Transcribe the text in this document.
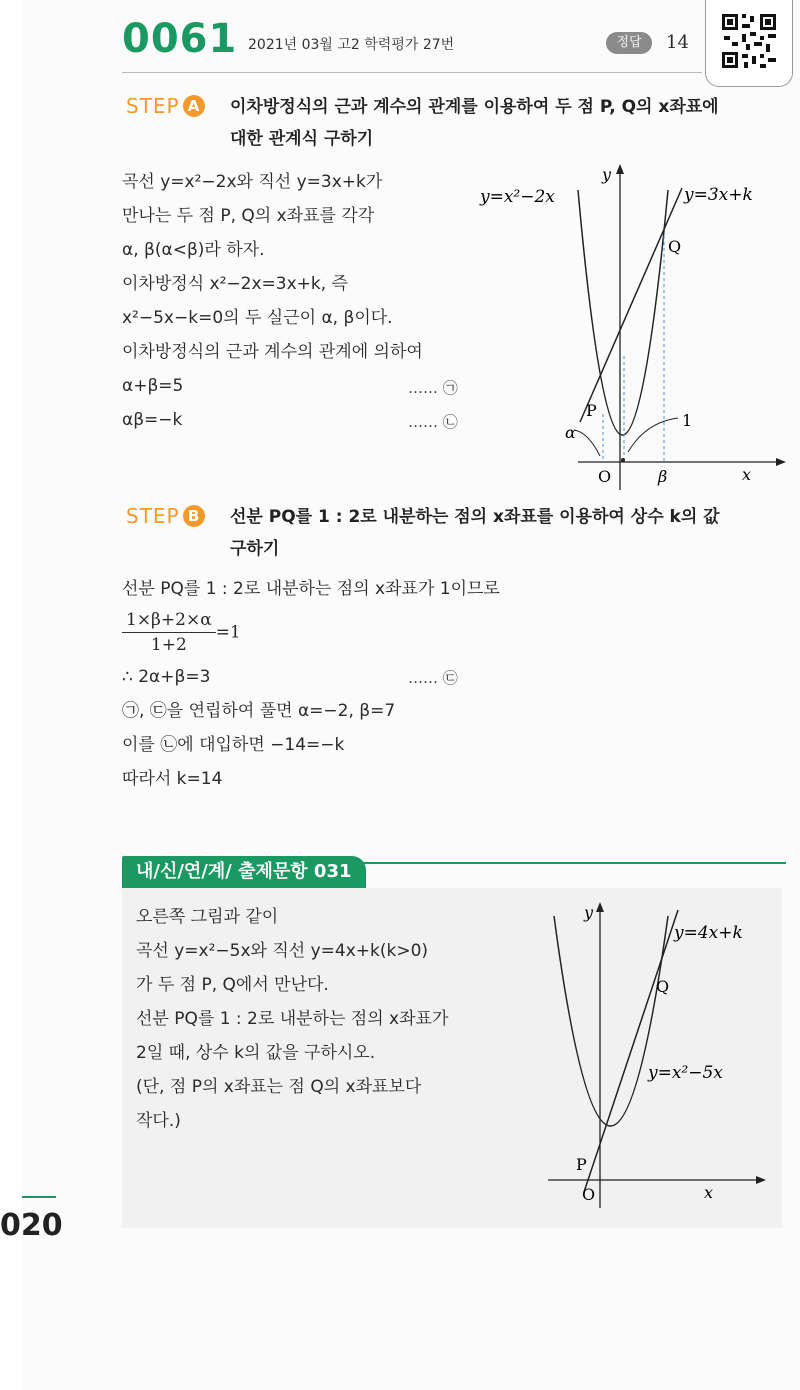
0061 2021년 03월 고2 학력평가 27번	정답	14
STEP A	이차방정식의 근과 계수의 관계를 이용하여 두 점 P, Q의 x좌표에
대한 관계식 구하기
곡선 y=x²−2x와 직선 y=3x+k가
만나는 두 점 P, Q의 x좌표를 각각
α, β(α<β)라 하자.
이차방정식 x²−2x=3x+k, 즉
x²−5x−k=0의 두 실근이 α, β이다.
이차방정식의 근과 계수의 관계에 의하여
α+β=5
αβ=−k
…… ㉠
…… ㉡
y=x²−2x	y=3x+k
y
x
O
P
Q
α
β
1
STEP B	선분 PQ를 1 : 2로 내분하는 점의 x좌표를 이용하여 상수 k의 값
구하기
선분 PQ를 1 : 2로 내분하는 점의 x좌표가 1이므로
$\frac{1\times\beta+2\times\alpha}{1+2} =1$
∴ 2α+β=3	…… ㉢
㉠, ㉢을 연립하여 풀면 α=−2, β=7
이를 ㉡에 대입하면 −14=−k
따라서 k=14
내/신/연/계/ 출제문항 031
오른쪽 그림과 같이
곡선 y=x²−5x와 직선 y=4x+k(k>0)
가 두 점 P, Q에서 만난다.
선분 PQ를 1 : 2로 내분하는 점의 x좌표가
2일 때, 상수 k의 값을 구하시오.
(단, 점 P의 x좌표는 점 Q의 x좌표보다
작다.)
y=4x+k
y=x²−5x
y
x
O
P
Q
020
